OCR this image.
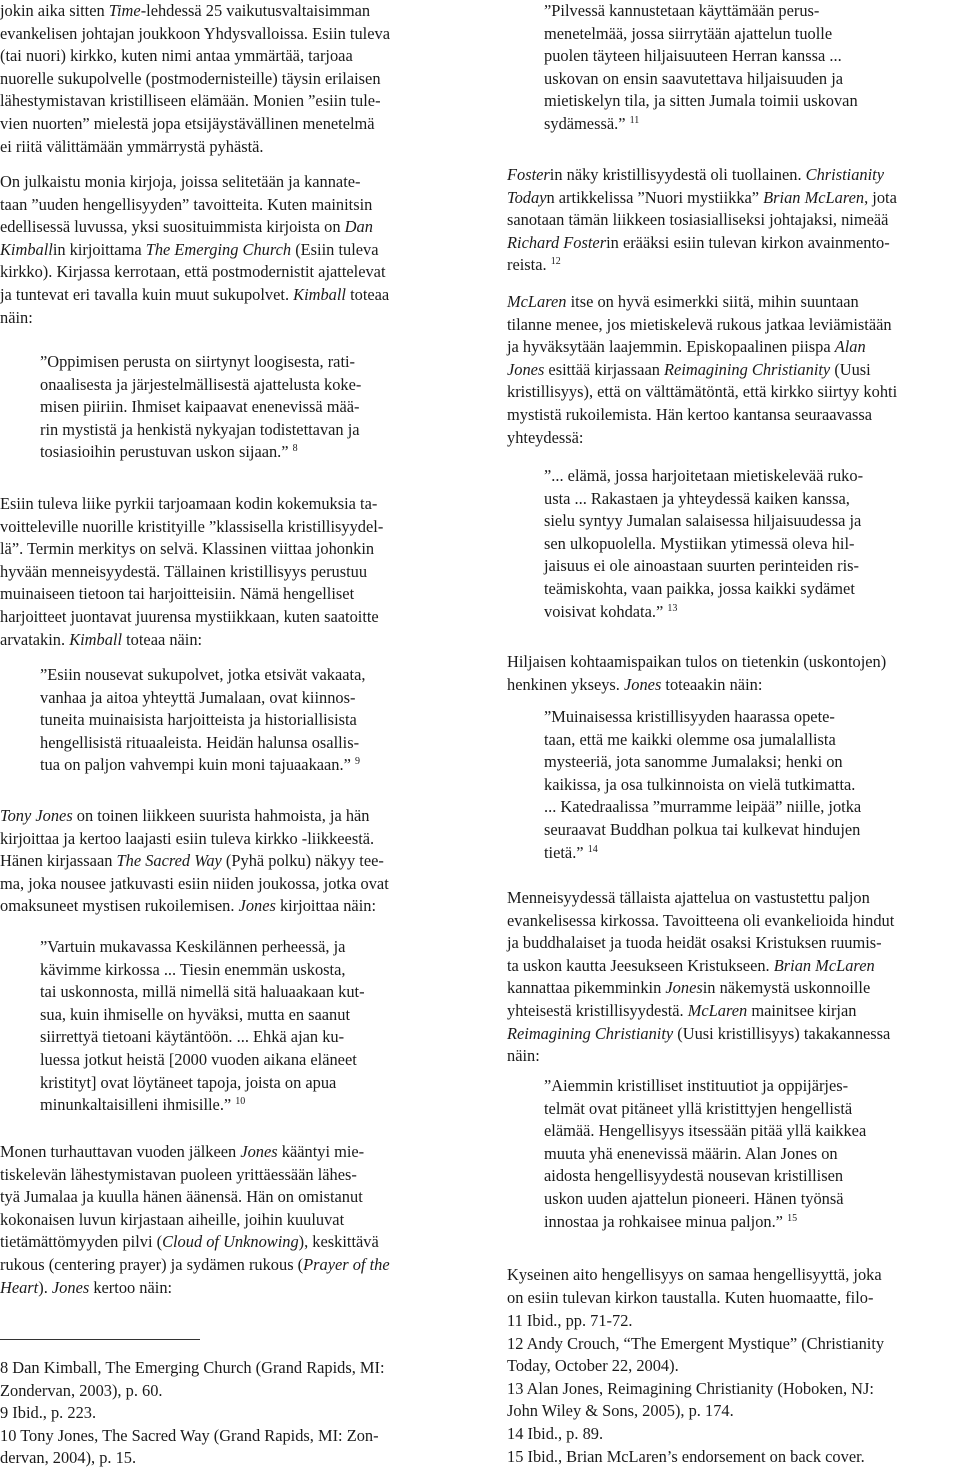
jokin aika sitten Time-lehdessä 25 vaikutusvaltaisimman
evankelisen johtajan joukkoon Yhdysvalloissa. Esiin tuleva
(tai nuori) kirkko, kuten nimi antaa ymmärtää, tarjoaa
nuorelle sukupolvelle (postmodernisteille) täysin erilaisen
lähestymistavan kristilliseen elämään. Monien ”esiin tule-
vien nuorten” mielestä jopa etsijäystävällinen menetelmä
ei riitä välittämään ymmärrystä pyhästä.
On julkaistu monia kirjoja, joissa selitetään ja kannate-
taan ”uuden hengellisyyden” tavoitteita. Kuten mainitsin
edellisessä luvussa, yksi suosituimmista kirjoista on Dan
Kimballin kirjoittama The Emerging Church (Esiin tuleva
kirkko). Kirjassa kerrotaan, että postmodernistit ajattelevat
ja tuntevat eri tavalla kuin muut sukupolvet. Kimball toteaa
näin:
”Oppimisen perusta on siirtynyt loogisesta, rati-
onaalisesta ja järjestelmällisestä ajattelusta koke-
misen piiriin. Ihmiset kaipaavat enenevissä mää-
rin mystistä ja henkistä nykyajan todistettavan ja
tosiasioihin perustuvan uskon sijaan.” $^8$
Esiin tuleva liike pyrkii tarjoamaan kodin kokemuksia ta-
voitteleville nuorille kristityille ”klassisella kristillisyydel-
lä”. Termin merkitys on selvä. Klassinen viittaa johonkin
hyvään menneisyydestä. Tällainen kristillisyys perustuu
muinaiseen tietoon tai harjoitteisiin. Nämä hengelliset
harjoitteet juontavat juurensa mystiikkaan, kuten saatoitte
arvatakin. Kimball toteaa näin:
”Esiin nousevat sukupolvet, jotka etsivät vakaata,
vanhaa ja aitoa yhteyttä Jumalaan, ovat kiinnos-
tuneita muinaisista harjoitteista ja historiallisista
hengellisistä rituaaleista. Heidän halunsa osallis-
tua on paljon vahvempi kuin moni tajuaakaan.” $^9$
Tony Jones on toinen liikkeen suurista hahmoista, ja hän
kirjoittaa ja kertoo laajasti esiin tuleva kirkko -liikkeestä.
Hänen kirjassaan The Sacred Way (Pyhä polku) näkyy tee-
ma, joka nousee jatkuvasti esiin niiden joukossa, jotka ovat
omaksuneet mystisen rukoilemisen. Jones kirjoittaa näin:
”Vartuin mukavassa Keskilännen perheessä, ja
kävimme kirkossa ... Tiesin enemmän uskosta,
tai uskonnosta, millä nimellä sitä haluaakaan kut-
sua, kuin ihmiselle on hyväksi, mutta en saanut
siirrettyä tietoani käytäntöön. ... Ehkä ajan ku-
luessa jotkut heistä [2000 vuoden aikana eläneet
kristityt] ovat löytäneet tapoja, joista on apua
minunkaltaisilleni ihmisille.” $^{10}$
Monen turhauttavan vuoden jälkeen Jones kääntyi mie-
tiskelevän lähestymistavan puoleen yrittäessään lähes-
tyä Jumalaa ja kuulla hänen äänensä. Hän on omistanut
kokonaisen luvun kirjastaan aiheille, joihin kuuluvat
tietämättömyyden pilvi (Cloud of Unknowing), keskittävä
rukous (centering prayer) ja sydämen rukous (Prayer of the
Heart). Jones kertoo näin:
8 Dan Kimball, The Emerging Church (Grand Rapids, MI:
Zondervan, 2003), p. 60.
9 Ibid., p. 223.
10 Tony Jones, The Sacred Way (Grand Rapids, MI: Zon-
dervan, 2004), p. 15.
”Pilvessä kannustetaan käyttämään perus-
menetelmää, jossa siirrytään ajattelun tuolle
puolen täyteen hiljaisuuteen Herran kanssa ...
uskovan on ensin saavutettava hiljaisuuden ja
mietiskelyn tila, ja sitten Jumala toimii uskovan
sydämessä.” $^{11}$
Fosterin näky kristillisyydestä oli tuollainen. Christianity
Todayn artikkelissa ”Nuori mystiikka” Brian McLaren, jota
sanotaan tämän liikkeen tosiasialliseksi johtajaksi, nimeää
Richard Fosterin erääksi esiin tulevan kirkon avainmento-
reista. $^{12}$
McLaren itse on hyvä esimerkki siitä, mihin suuntaan
tilanne menee, jos mietiskelevä rukous jatkaa leviämistään
ja hyväksytään laajemmin. Episkopaalinen piispa Alan
Jones esittää kirjassaan Reimagining Christianity (Uusi
kristillisyys), että on välttämätöntä, että kirkko siirtyy kohti
mystistä rukoilemista. Hän kertoo kantansa seuraavassa
yhteydessä:
”... elämä, jossa harjoitetaan mietiskelevää ruko-
usta ... Rakastaen ja yhteydessä kaiken kanssa,
sielu syntyy Jumalan salaisessa hiljaisuudessa ja
sen ulkopuolella. Mystiikan ytimessä oleva hil-
jaisuus ei ole ainoastaan suurten perinteiden ris-
teämiskohta, vaan paikka, jossa kaikki sydämet
voisivat kohdata.” $^{13}$
Hiljaisen kohtaamispaikan tulos on tietenkin (uskontojen)
henkinen ykseys. Jones toteaakin näin:
”Muinaisessa kristillisyyden haarassa opete-
taan, että me kaikki olemme osa jumalallista
mysteeriä, jota sanomme Jumalaksi; henki on
kaikissa, ja osa tulkinnoista on vielä tutkimatta.
... Katedraalissa ”murramme leipää” niille, jotka
seuraavat Buddhan polkua tai kulkevat hindujen
tietä.” $^{14}$
Menneisyydessä tällaista ajattelua on vastustettu paljon
evankelisessa kirkossa. Tavoitteena oli evankelioida hindut
ja buddhalaiset ja tuoda heidät osaksi Kristuksen ruumis-
ta uskon kautta Jeesukseen Kristukseen. Brian McLaren
kannattaa pikemminkin Jonesin näkemystä uskonnoille
yhteisestä kristillisyydestä. McLaren mainitsee kirjan
Reimagining Christianity (Uusi kristillisyys) takakannessa
näin:
”Aiemmin kristilliset instituutiot ja oppijärjes-
telmät ovat pitäneet yllä kristittyjen hengellistä
elämää. Hengellisyys itsessään pitää yllä kaikkea
muuta yhä enenevissä määrin. Alan Jones on
aidosta hengellisyydestä nousevan kristillisen
uskon uuden ajattelun pioneeri. Hänen työnsä
innostaa ja rohkaisee minua paljon.” $^{15}$
Kyseinen aito hengellisyys on samaa hengellisyyttä, joka
on esiin tulevan kirkon taustalla. Kuten huomaatte, filo-
11 Ibid., pp. 71-72.
12 Andy Crouch, “The Emergent Mystique” (Christianity
Today, October 22, 2004).
13 Alan Jones, Reimagining Christianity (Hoboken, NJ:
John Wiley & Sons, 2005), p. 174.
14 Ibid., p. 89.
15 Ibid., Brian McLaren’s endorsement on back cover.
